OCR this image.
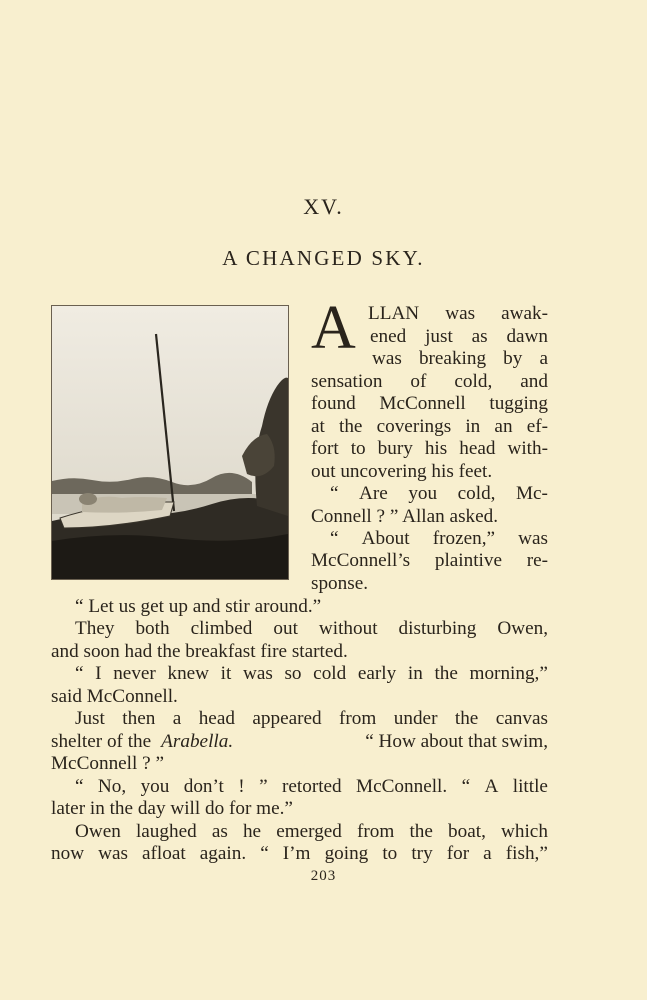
XV.
A CHANGED SKY.
A LLAN was awak-
ened just as dawn
was breaking by a
sensation of cold, and
found McConnell tugging
at the coverings in an ef-
fort to bury his head with-
out uncovering his feet.
“ Are you cold, Mc-
Connell ? ” Allan asked.
“ About frozen,” was
McConnell’s plaintive re-
sponse.
“ Let us get up and stir around.”
They both climbed out without disturbing Owen,
and soon had the breakfast fire started.
“ I never knew it was so cold early in the morning,”
said McConnell.
Just then a head appeared from under the canvas
shelter of the Arabella.	“ How about that swim,
McConnell ? ”
“ No, you don’t ! ” retorted McConnell. “ A little
later in the day will do for me.”
Owen laughed as he emerged from the boat, which
now was afloat again. “ I’m going to try for a fish,”
203
